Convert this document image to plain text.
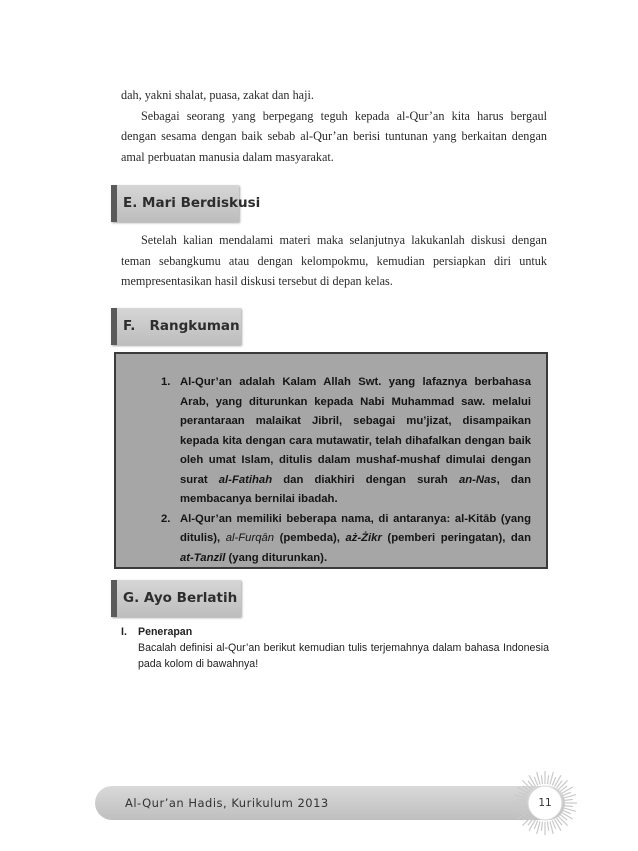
dah, yakni shalat, puasa, zakat dan haji.
Sebagai seorang yang berpegang teguh kepada al-Qur’an kita harus bergaul dengan sesama dengan baik sebab al-Qur’an berisi tuntunan yang berkaitan dengan amal perbuatan manusia dalam masyarakat.
E. Mari Berdiskusi
Setelah kalian mendalami materi maka selanjutnya lakukanlah diskusi dengan teman sebangkumu atau dengan kelompokmu, kemudian persiapkan diri untuk mempresentasikan hasil diskusi tersebut di depan kelas.
F.   Rangkuman
1. Al-Qur’an adalah Kalam Allah Swt. yang lafaznya berbahasa Arab, yang diturunkan kepada Nabi Muhammad saw. melalui perantaraan malaikat Jibril, sebagai mu’jizat, disampaikan kepada kita dengan cara mutawatir, telah dihafalkan dengan baik oleh umat Islam, ditulis dalam mushaf-mushaf dimulai dengan surat al-Fatihah dan diakhiri dengan surah an-Nas, dan membacanya bernilai ibadah.
2. Al-Qur’an memiliki beberapa nama, di antaranya: al-Kitāb (yang ditulis), al-Furqān (pembeda), aż-Żikr (pemberi peringatan), dan at-Tanzīl (yang diturunkan).
G. Ayo Berlatih
I. Penerapan
Bacalah definisi al-Qur’an berikut kemudian tulis terjemahnya dalam bahasa Indonesia pada kolom di bawahnya!
Al-Qur’an Hadis, Kurikulum 2013	11
